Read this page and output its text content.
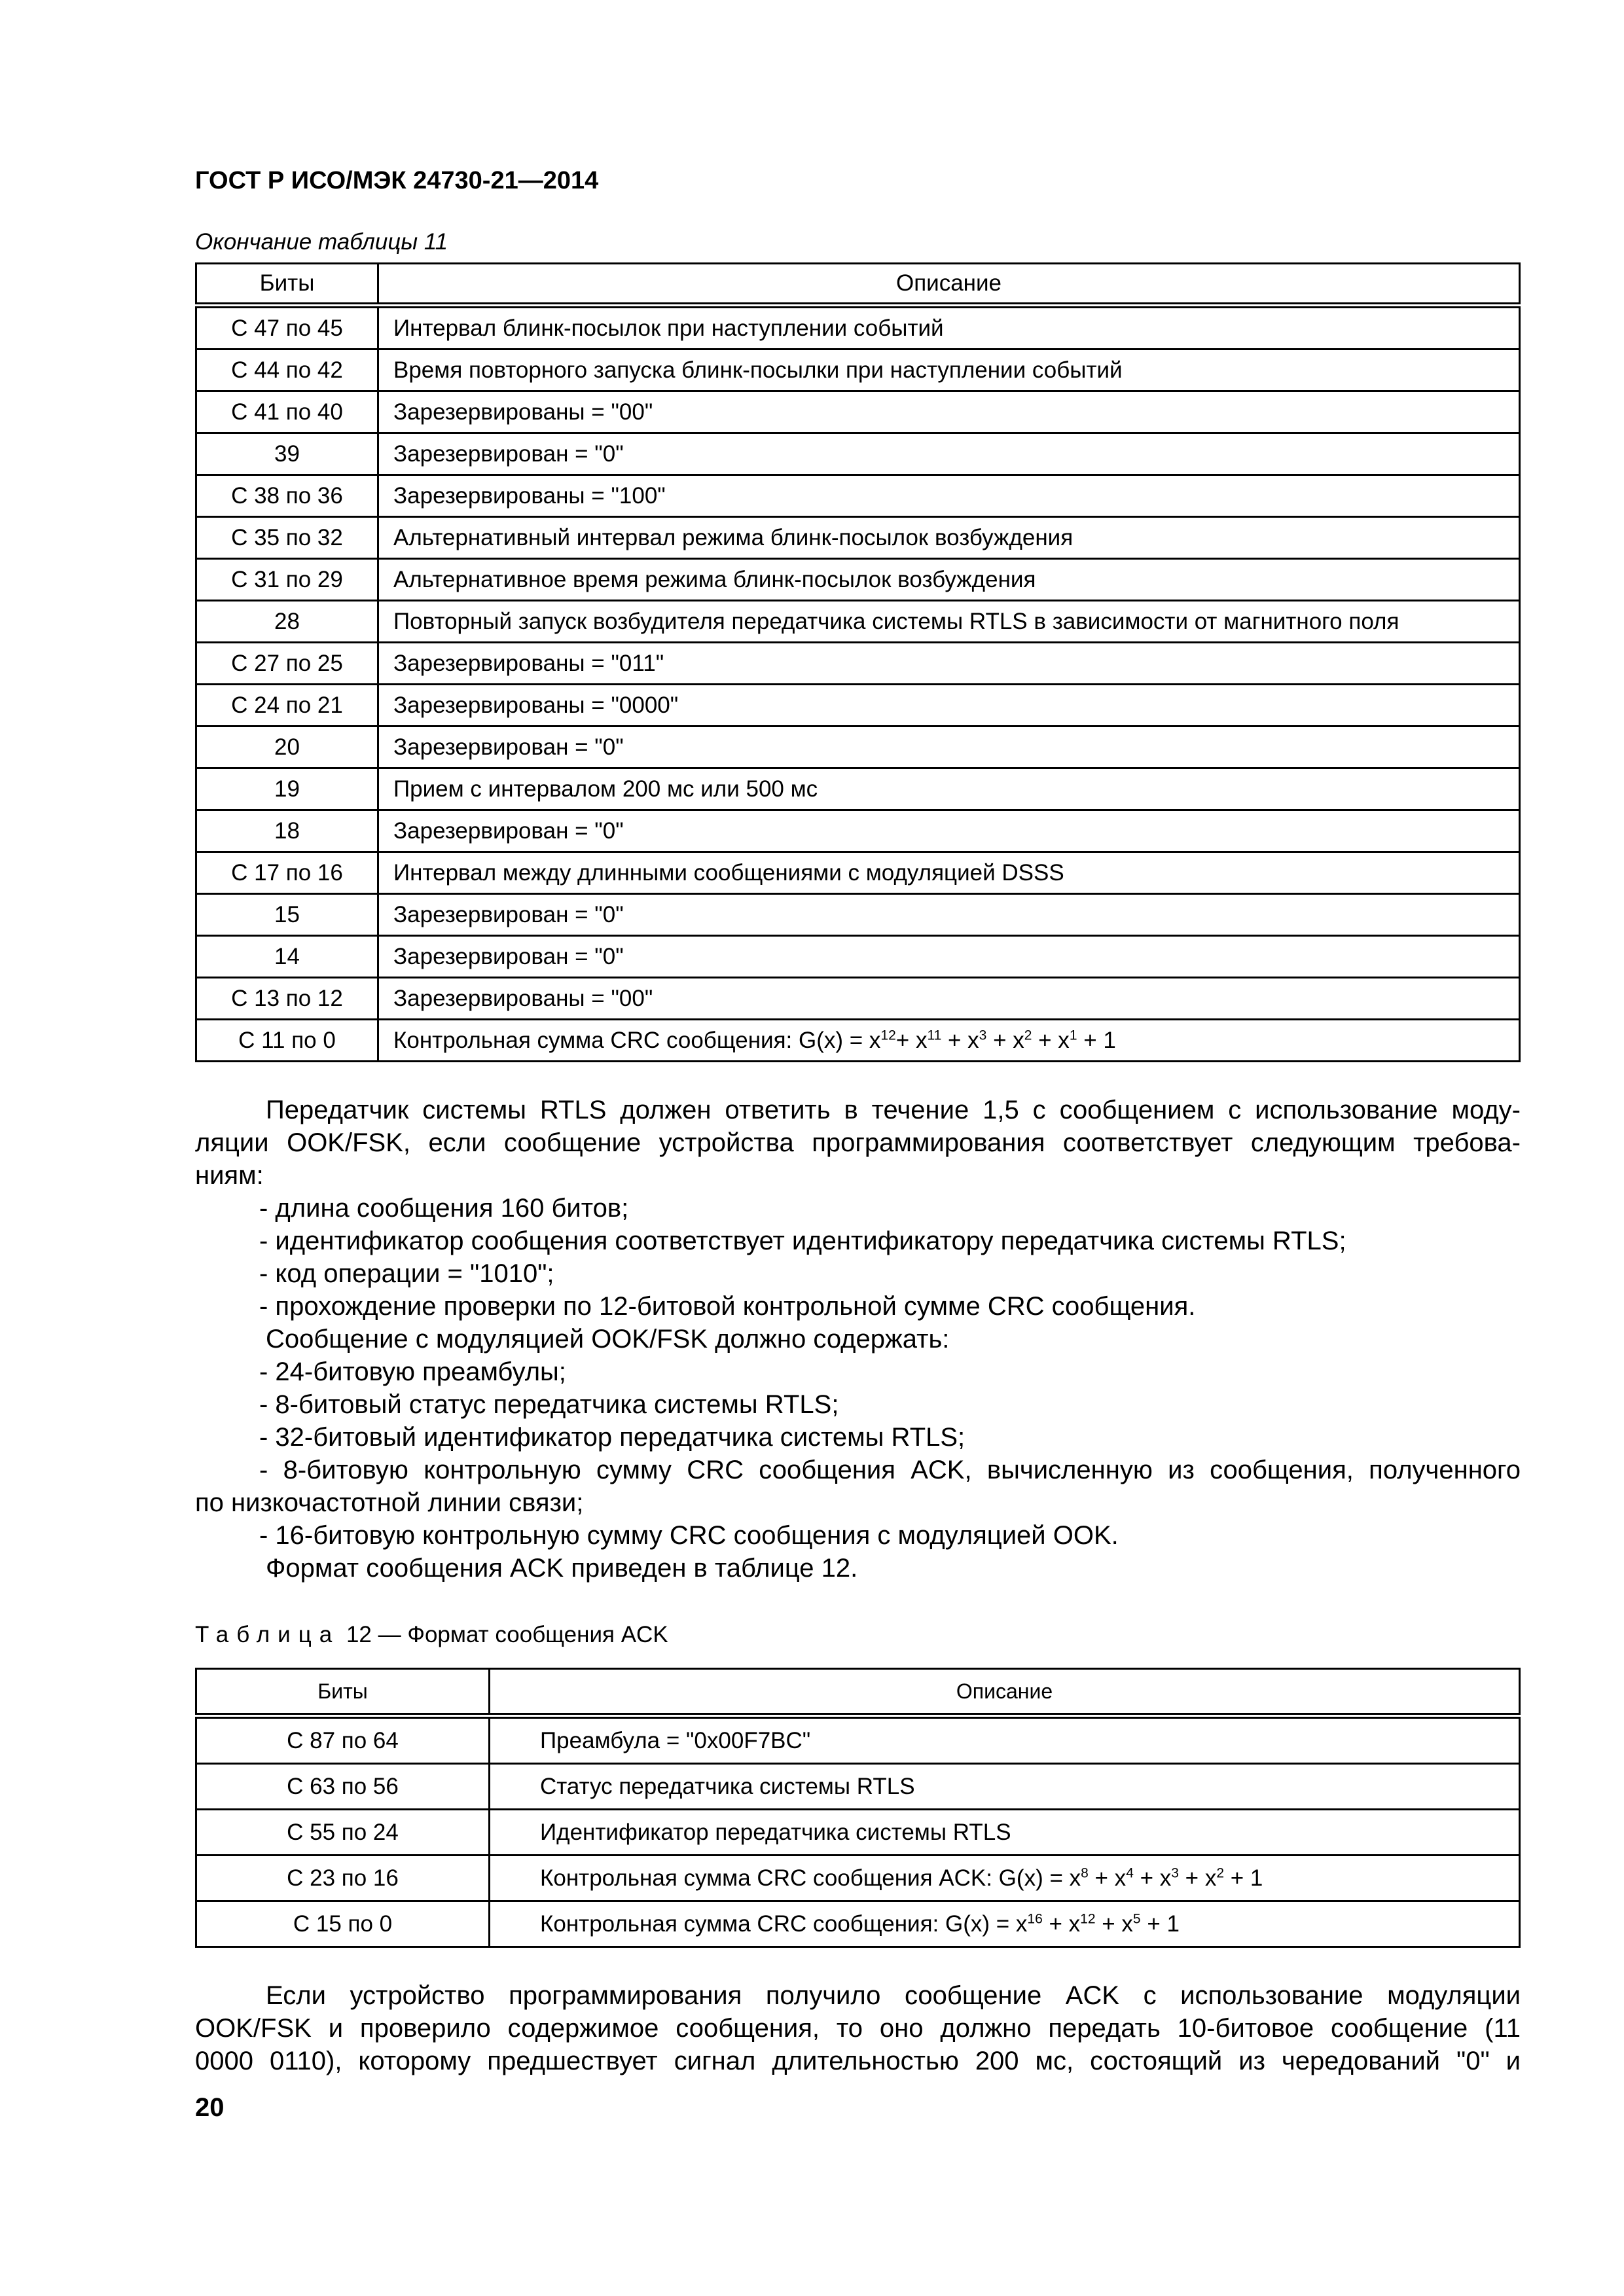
ГОСТ Р ИСО/МЭК 24730-21—2014
Окончание таблицы 11
Биты	Описание
С 47 по 45	Интервал блинк-посылок при наступлении событий
С 44 по 42	Время повторного запуска блинк-посылки при наступлении событий
С 41 по 40	Зарезервированы = "00"
39	Зарезервирован = "0"
С 38 по 36	Зарезервированы = "100"
С 35 по 32	Альтернативный интервал режима блинк-посылок возбуждения
С 31 по 29	Альтернативное время режима блинк-посылок возбуждения
28	Повторный запуск возбудителя передатчика системы RTLS в зависимости от магнитного поля
С 27 по 25	Зарезервированы = "011"
С 24 по 21	Зарезервированы = "0000"
20	Зарезервирован = "0"
19	Прием с интервалом 200 мс или 500 мс
18	Зарезервирован = "0"
С 17 по 16	Интервал между длинными сообщениями с модуляцией DSSS
15	Зарезервирован = "0"
14	Зарезервирован = "0"
С 13 по 12	Зарезервированы = "00"
С 11 по 0	Контрольная сумма CRC сообщения: $G(x) = x^{12}+ x^{11} + x^3 + x^2 + x^1 + 1$
Передатчик системы RTLS должен ответить в течение 1,5 с сообщением с использование моду-
ляции OOK/FSK, если сообщение устройства программирования соответствует следующим требова-
ниям:
- длина сообщения 160 битов;
- идентификатор сообщения соответствует идентификатору передатчика системы RTLS;
- код операции = "1010";
- прохождение проверки по 12-битовой контрольной сумме CRC сообщения.
Сообщение с модуляцией OOK/FSK должно содержать:
- 24-битовую преамбулы;
- 8-битовый статус передатчика системы RTLS;
- 32-битовый идентификатор передатчика системы RTLS;
- 8-битовую контрольную сумму CRC сообщения ACK, вычисленную из сообщения, полученного
по низкочастотной линии связи;
- 16-битовую контрольную сумму CRC сообщения с модуляцией OOK.
Формат сообщения ACK приведен в таблице 12.
Таблица 12 — Формат сообщения ACK
Биты	Описание
С 87 по 64	Преамбула = "0x00F7BC"
С 63 по 56	Статус передатчика системы RTLS
С 55 по 24	Идентификатор передатчика системы RTLS
С 23 по 16	Контрольная сумма CRC сообщения ACK: $G(x) = x^8 + x^4 + x^3 + x^2 + 1$
С 15 по 0	Контрольная сумма CRC сообщения: $G(x) = x^{16} + x^{12} + x^5 + 1$
Если устройство программирования получило сообщение ACK с использование модуляции
OOK/FSK и проверило содержимое сообщения, то оно должно передать 10-битовое сообщение (11
0000 0110), которому предшествует сигнал длительностью 200 мс, состоящий из чередований "0" и
20
